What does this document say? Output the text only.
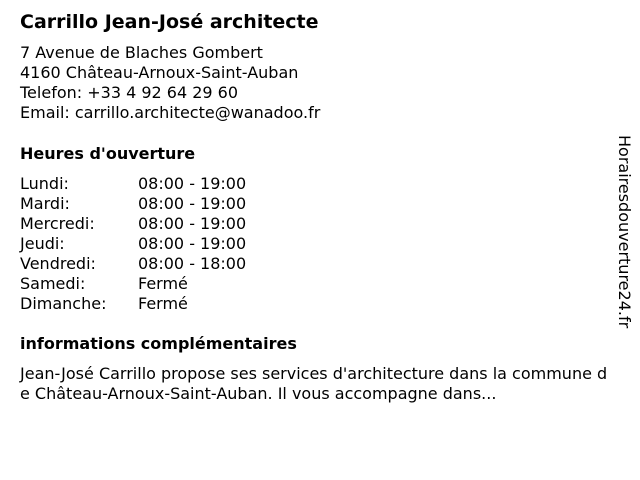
Carrillo Jean-José architecte
7 Avenue de Blaches Gombert
4160 Château-Arnoux-Saint-Auban
Telefon: +33 4 92 64 29 60
Email: carrillo.architecte@wanadoo.fr
Heures d'ouverture
Lundi:	08:00 - 19:00
Mardi:	08:00 - 19:00
Mercredi:	08:00 - 19:00
Jeudi:	08:00 - 19:00
Vendredi:	08:00 - 18:00
Samedi:	Fermé
Dimanche: Fermé
informations complémentaires
Jean-José Carrillo propose ses services d'architecture dans la commune de Château-Arnoux-Saint-Auban. Il vous accompagne dans...
Horairesdouverture24.fr
